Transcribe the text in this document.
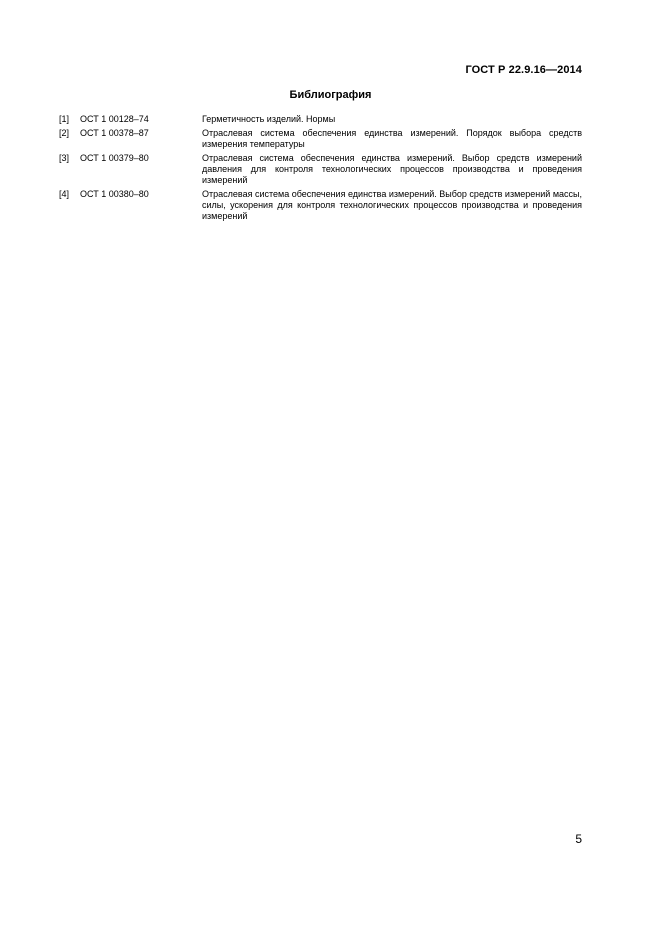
ГОСТ Р 22.9.16—2014
Библиография
[1]	ОСТ 1 00128–74	Герметичность изделий. Нормы
[2]	ОСТ 1 00378–87	Отраслевая система обеспечения единства измерений. Порядок выбора средств измерения температуры
[3]	ОСТ 1 00379–80	Отраслевая система обеспечения единства измерений. Выбор средств измерений давления для контроля технологических процессов производства и проведения измерений
[4]	ОСТ 1 00380–80	Отраслевая система обеспечения единства измерений. Выбор средств измерений массы, силы, ускорения для контроля технологических процессов производства и проведения измерений
5
